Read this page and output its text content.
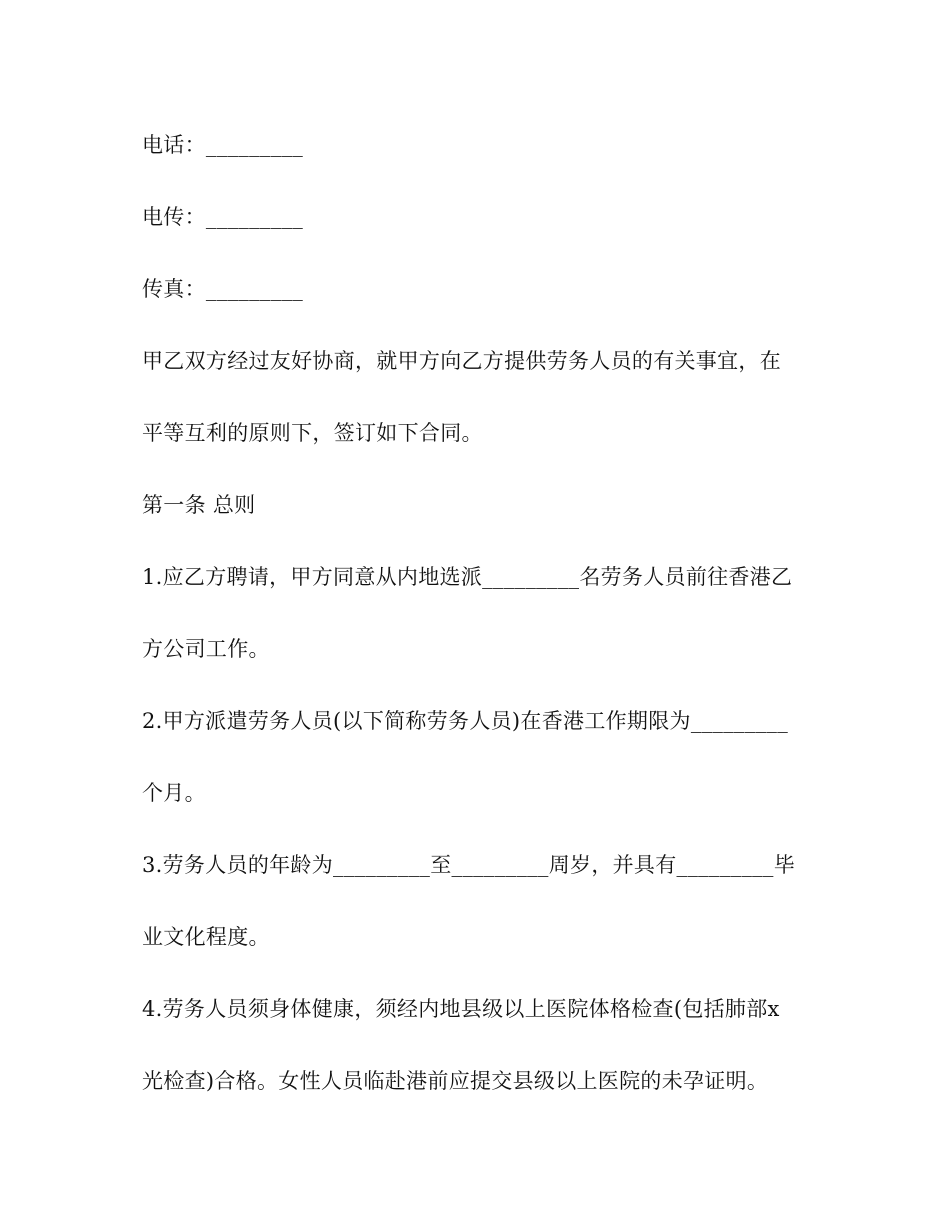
电话：_________
电传：_________
传真：_________
甲乙双方经过友好协商，就甲方向乙方提供劳务人员的有关事宜，在
平等互利的原则下，签订如下合同。
第一条 总则
1.应乙方聘请，甲方同意从内地选派_________名劳务人员前往香港乙
方公司工作。
2.甲方派遣劳务人员(以下简称劳务人员)在香港工作期限为_________
个月。
3.劳务人员的年龄为_________至_________周岁，并具有_________毕
业文化程度。
4.劳务人员须身体健康，须经内地县级以上医院体格检查(包括肺部x
光检查)合格。女性人员临赴港前应提交县级以上医院的未孕证明。
